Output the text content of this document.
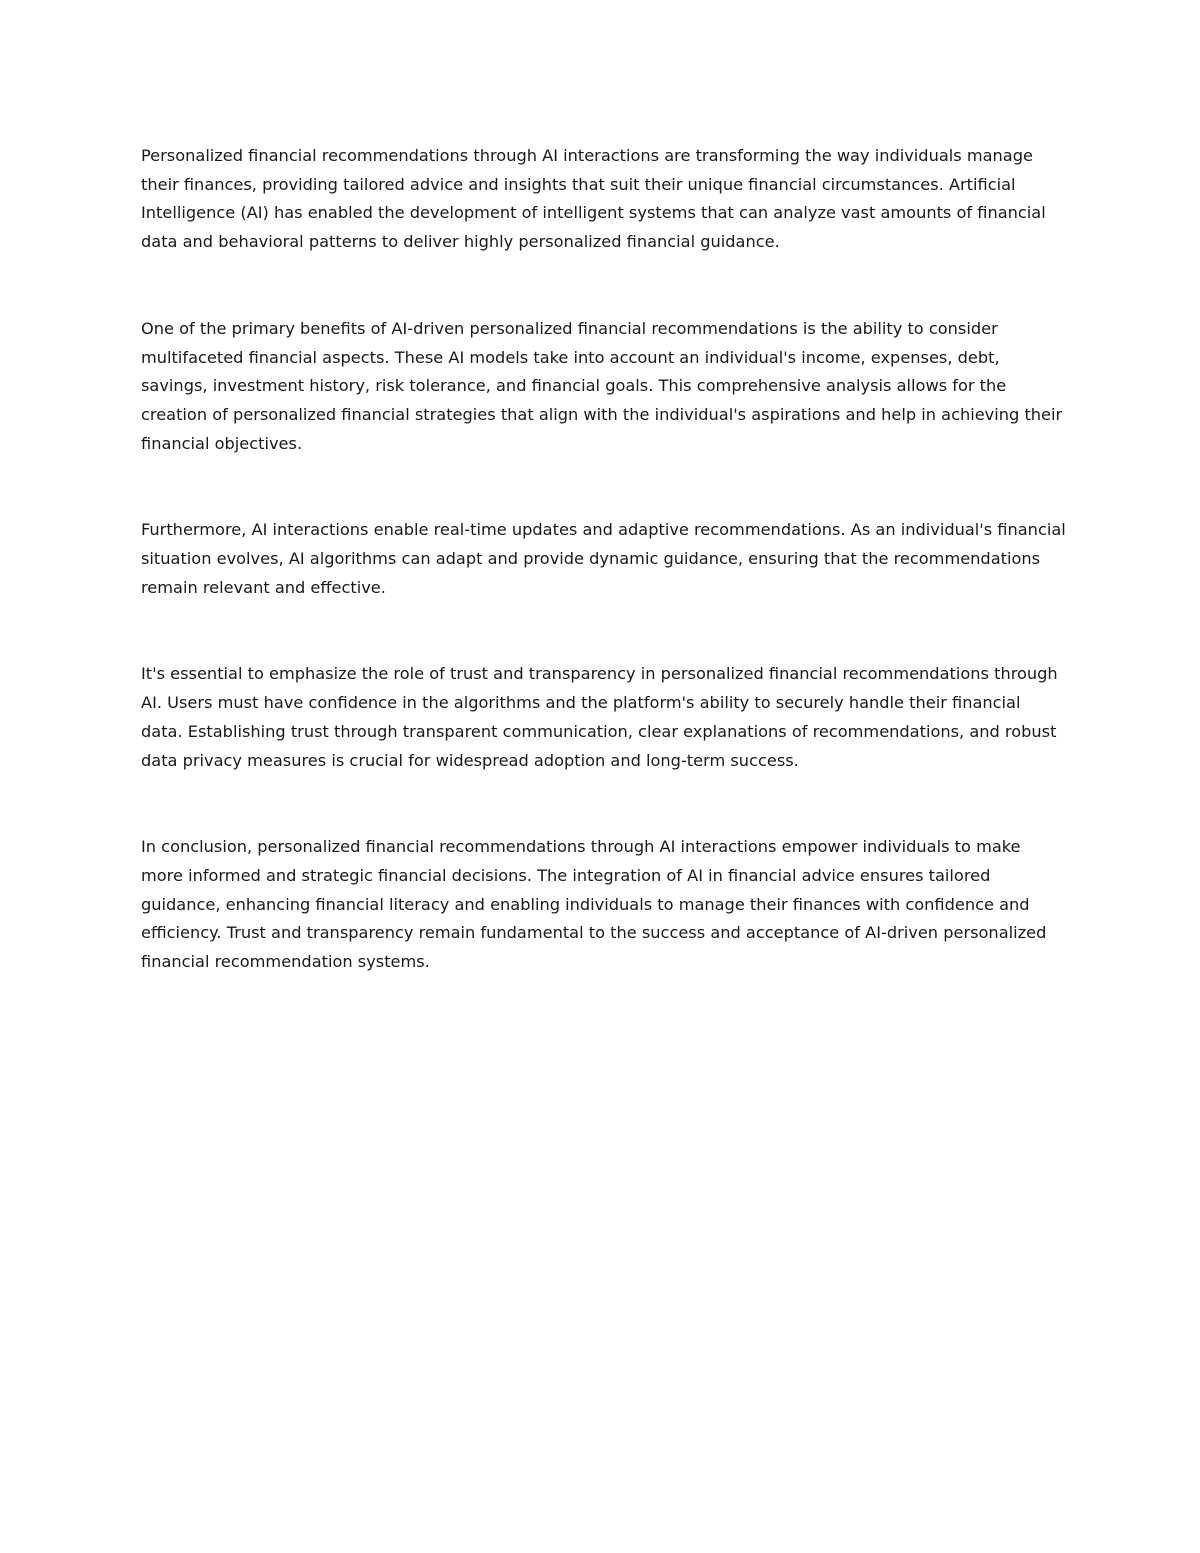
Personalized financial recommendations through AI interactions are transforming the way individuals manage their finances, providing tailored advice and insights that suit their unique financial circumstances. Artificial Intelligence (AI) has enabled the development of intelligent systems that can analyze vast amounts of financial data and behavioral patterns to deliver highly personalized financial guidance.

One of the primary benefits of AI-driven personalized financial recommendations is the ability to consider multifaceted financial aspects. These AI models take into account an individual's income, expenses, debt, savings, investment history, risk tolerance, and financial goals. This comprehensive analysis allows for the creation of personalized financial strategies that align with the individual's aspirations and help in achieving their financial objectives.

Furthermore, AI interactions enable real-time updates and adaptive recommendations. As an individual's financial situation evolves, AI algorithms can adapt and provide dynamic guidance, ensuring that the recommendations remain relevant and effective.

It's essential to emphasize the role of trust and transparency in personalized financial recommendations through AI. Users must have confidence in the algorithms and the platform's ability to securely handle their financial data. Establishing trust through transparent communication, clear explanations of recommendations, and robust data privacy measures is crucial for widespread adoption and long-term success.

In conclusion, personalized financial recommendations through AI interactions empower individuals to make more informed and strategic financial decisions. The integration of AI in financial advice ensures tailored guidance, enhancing financial literacy and enabling individuals to manage their finances with confidence and efficiency. Trust and transparency remain fundamental to the success and acceptance of AI-driven personalized financial recommendation systems.
